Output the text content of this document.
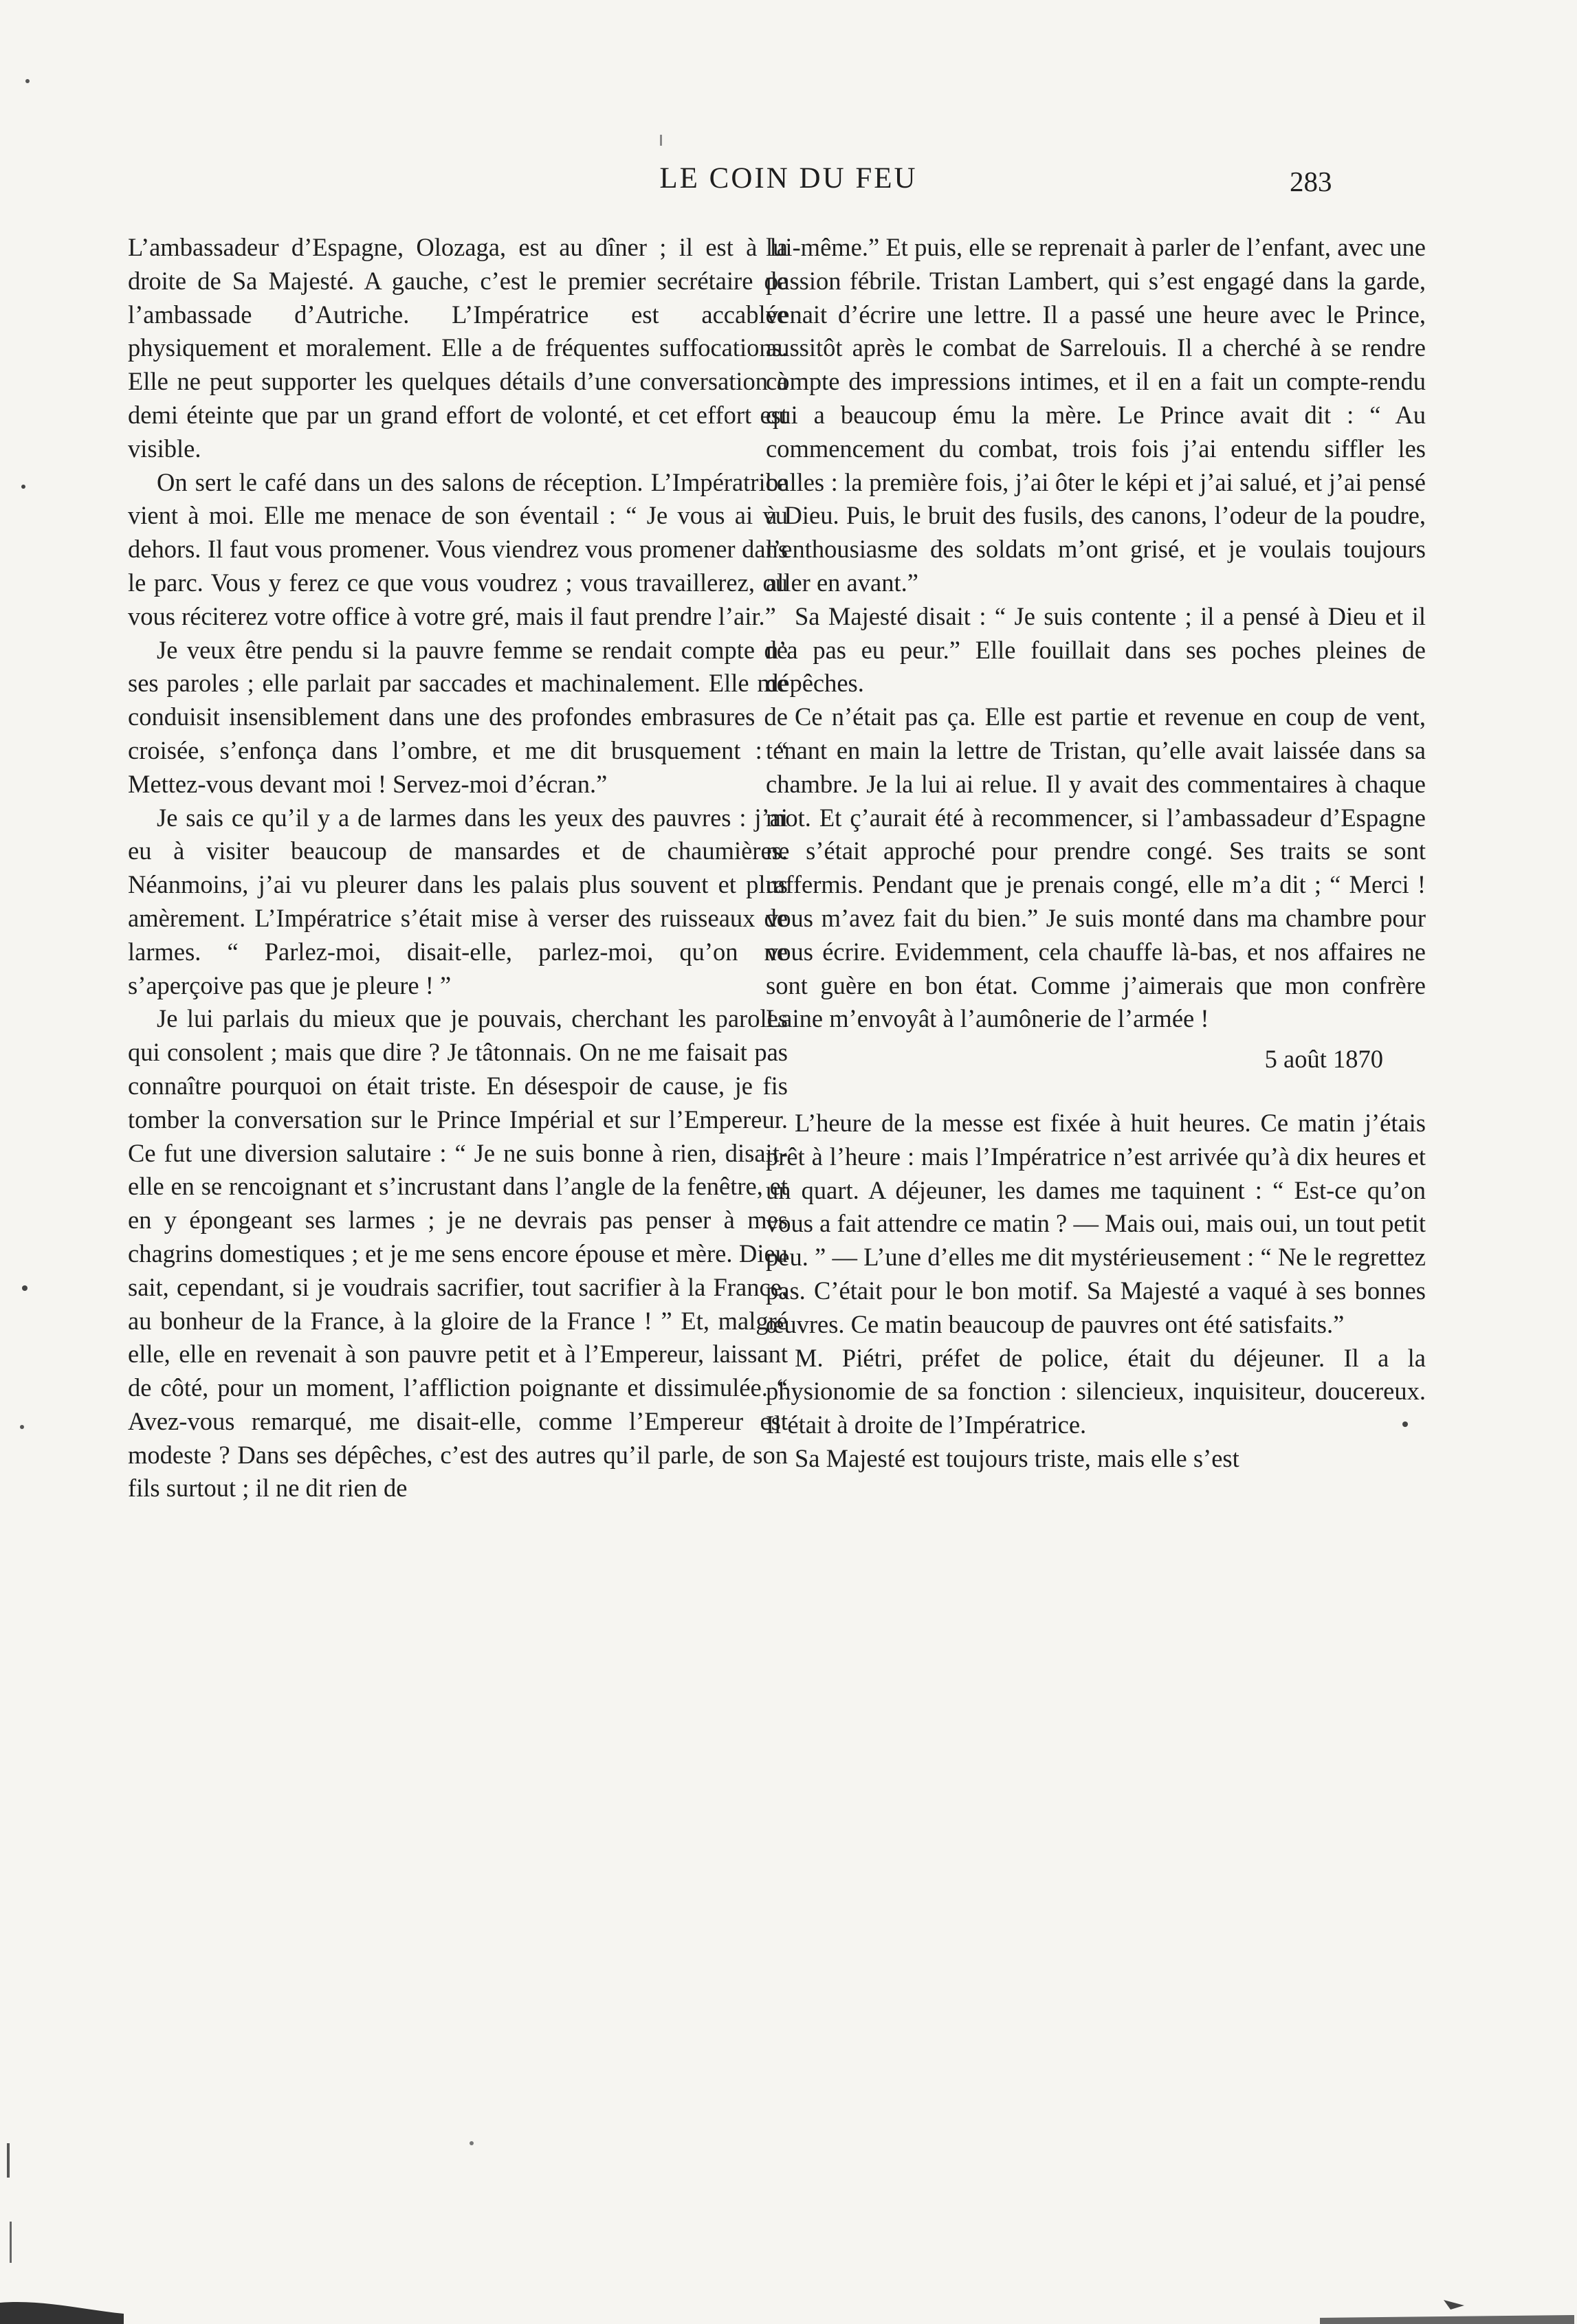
LE COIN DU FEU	283

L’ambassadeur d’Espagne, Olozaga, est au dîner ; il est à la droite de Sa Majesté. A gauche, c’est le premier secrétaire de l’ambassade d’Autriche. L’Impératrice est accablée physiquement et moralement. Elle a de fréquentes suffocations. Elle ne peut supporter les quelques détails d’une conversation à demi éteinte que par un grand effort de volonté, et cet effort est visible.

On sert le café dans un des salons de réception. L’Impératrice vient à moi. Elle me menace de son éventail : “ Je vous ai vu dehors. Il faut vous promener. Vous viendrez vous promener dans le parc. Vous y ferez ce que vous voudrez ; vous travaillerez, ou vous réciterez votre office à votre gré, mais il faut prendre l’air.”

Je veux être pendu si la pauvre femme se rendait compte de ses paroles ; elle parlait par saccades et machinalement. Elle me conduisit insensiblement dans une des profondes embrasures de croisée, s’enfonça dans l’ombre, et me dit brusquement : “ Mettez-vous devant moi ! Servez-moi d’écran.”

Je sais ce qu’il y a de larmes dans les yeux des pauvres : j’ai eu à visiter beaucoup de mansardes et de chaumières. Néanmoins, j’ai vu pleurer dans les palais plus souvent et plus amèrement. L’Impératrice s’était mise à verser des ruisseaux de larmes. “ Parlez-moi, disait-elle, parlez-moi, qu’on ne s’aperçoive pas que je pleure ! ”

Je lui parlais du mieux que je pouvais, cherchant les paroles qui consolent ; mais que dire ? Je tâtonnais. On ne me faisait pas connaître pourquoi on était triste. En désespoir de cause, je fis tomber la conversation sur le Prince Impérial et sur l’Empereur. Ce fut une diversion salutaire : “ Je ne suis bonne à rien, disait-elle en se rencoignant et s’incrustant dans l’angle de la fenêtre, et en y épongeant ses larmes ; je ne devrais pas penser à mes chagrins domestiques ; et je me sens encore épouse et mère. Dieu sait, cependant, si je voudrais sacrifier, tout sacrifier à la France, au bonheur de la France, à la gloire de la France ! ” Et, malgré elle, elle en revenait à son pauvre petit et à l’Empereur, laissant de côté, pour un moment, l’affliction poignante et dissimulée. “ Avez-vous remarqué, me disait-elle, comme l’Empereur est modeste ? Dans ses dépêches, c’est des autres qu’il parle, de son fils surtout ; il ne dit rien de

lui-même.” Et puis, elle se reprenait à parler de l’enfant, avec une passion fébrile. Tristan Lambert, qui s’est engagé dans la garde, venait d’écrire une lettre. Il a passé une heure avec le Prince, aussitôt après le combat de Sarrelouis. Il a cherché à se rendre compte des impressions intimes, et il en a fait un compte-rendu qui a beaucoup ému la mère. Le Prince avait dit : “ Au commencement du combat, trois fois j’ai entendu siffler les balles : la première fois, j’ai ôter le képi et j’ai salué, et j’ai pensé à Dieu. Puis, le bruit des fusils, des canons, l’odeur de la poudre, l’enthousiasme des soldats m’ont grisé, et je voulais toujours aller en avant.”

Sa Majesté disait : “ Je suis contente ; il a pensé à Dieu et il n’a pas eu peur.” Elle fouillait dans ses poches pleines de dépêches.

Ce n’était pas ça. Elle est partie et revenue en coup de vent, tenant en main la lettre de Tristan, qu’elle avait laissée dans sa chambre. Je la lui ai relue. Il y avait des commentaires à chaque mot. Et ç’aurait été à recommencer, si l’ambassadeur d’Espagne ne s’était approché pour prendre congé. Ses traits se sont raffermis. Pendant que je prenais congé, elle m’a dit ; “ Merci ! vous m’avez fait du bien.” Je suis monté dans ma chambre pour vous écrire. Evidemment, cela chauffe là-bas, et nos affaires ne sont guère en bon état. Comme j’aimerais que mon confrère Laine m’envoyât à l’aumônerie de l’armée !

5 août 1870

L’heure de la messe est fixée à huit heures. Ce matin j’étais prêt à l’heure : mais l’Impératrice n’est arrivée qu’à dix heures et un quart. A déjeuner, les dames me taquinent : “ Est-ce qu’on vous a fait attendre ce matin ? — Mais oui, mais oui, un tout petit peu. ” — L’une d’elles me dit mystérieusement : “ Ne le regrettez pas. C’était pour le bon motif. Sa Majesté a vaqué à ses bonnes œuvres. Ce matin beaucoup de pauvres ont été satisfaits.”

M. Piétri, préfet de police, était du déjeuner. Il a la physionomie de sa fonction : silencieux, inquisiteur, doucereux. Il était à droite de l’Impératrice.

Sa Majesté est toujours triste, mais elle s’est
